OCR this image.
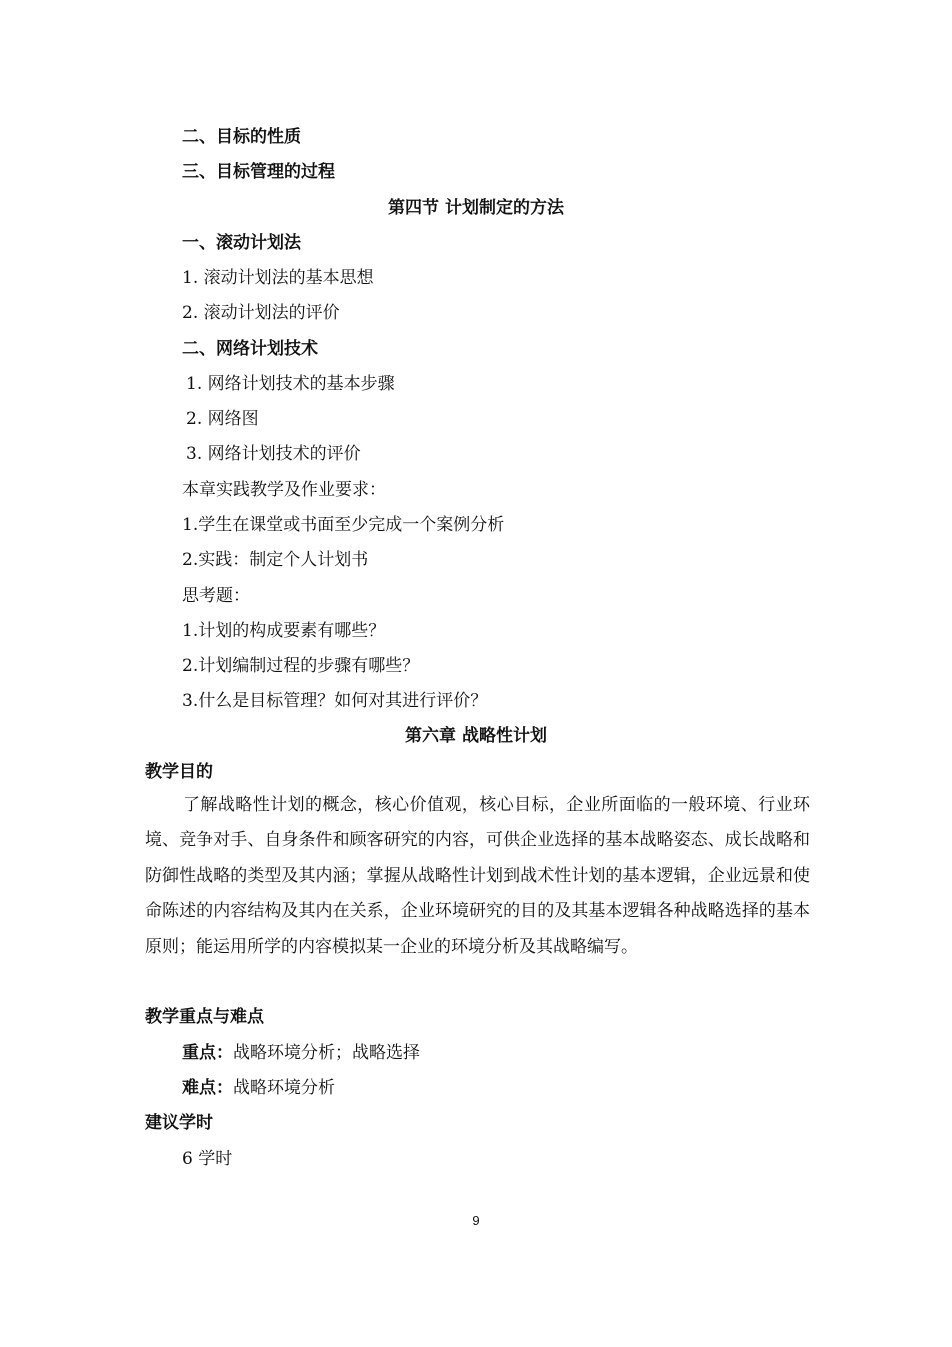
二、目标的性质
三、目标管理的过程
第四节 计划制定的方法
一、滚动计划法
1. 滚动计划法的基本思想
2. 滚动计划法的评价
二、网络计划技术
1. 网络计划技术的基本步骤
2. 网络图
3. 网络计划技术的评价
本章实践教学及作业要求：
1.学生在课堂或书面至少完成一个案例分析
2.实践：制定个人计划书
思考题：
1.计划的构成要素有哪些？
2.计划编制过程的步骤有哪些？
3.什么是目标管理？如何对其进行评价？
第六章 战略性计划
教学目的
了解战略性计划的概念，核心价值观，核心目标，企业所面临的一般环境、行业环境、竞争对手、自身条件和顾客研究的内容，可供企业选择的基本战略姿态、成长战略和防御性战略的类型及其内涵；掌握从战略性计划到战术性计划的基本逻辑，企业远景和使命陈述的内容结构及其内在关系，企业环境研究的目的及其基本逻辑各种战略选择的基本原则；能运用所学的内容模拟某一企业的环境分析及其战略编写。
教学重点与难点
重点：战略环境分析；战略选择
难点：战略环境分析
建议学时
6 学时
9
